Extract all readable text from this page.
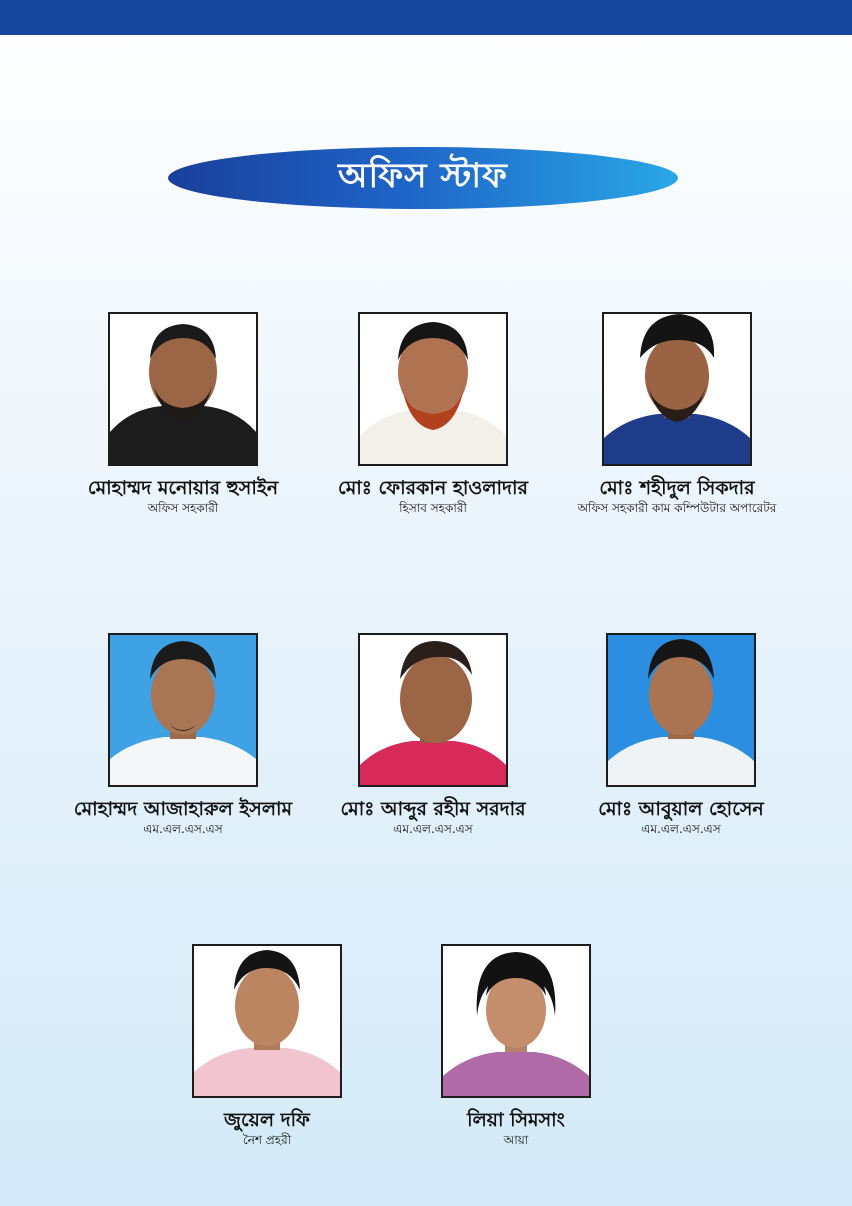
অফিস স্টাফ
মোহাম্মদ মনোয়ার হুসাইন
অফিস সহকারী
মোঃ ফোরকান হাওলাদার
হিসাব সহকারী
মোঃ শহীদুল সিকদার
অফিস সহকারী কাম কম্পিউটার অপারেটর
মোহাম্মদ আজাহারুল ইসলাম
এম.এল.এস.এস
মোঃ আব্দুর রহীম সরদার
এম.এল.এস.এস
মোঃ আবুয়াল হোসেন
এম.এল.এস.এস
জুয়েল দফি
নৈশ প্রহরী
লিয়া সিমসাং
আয়া
